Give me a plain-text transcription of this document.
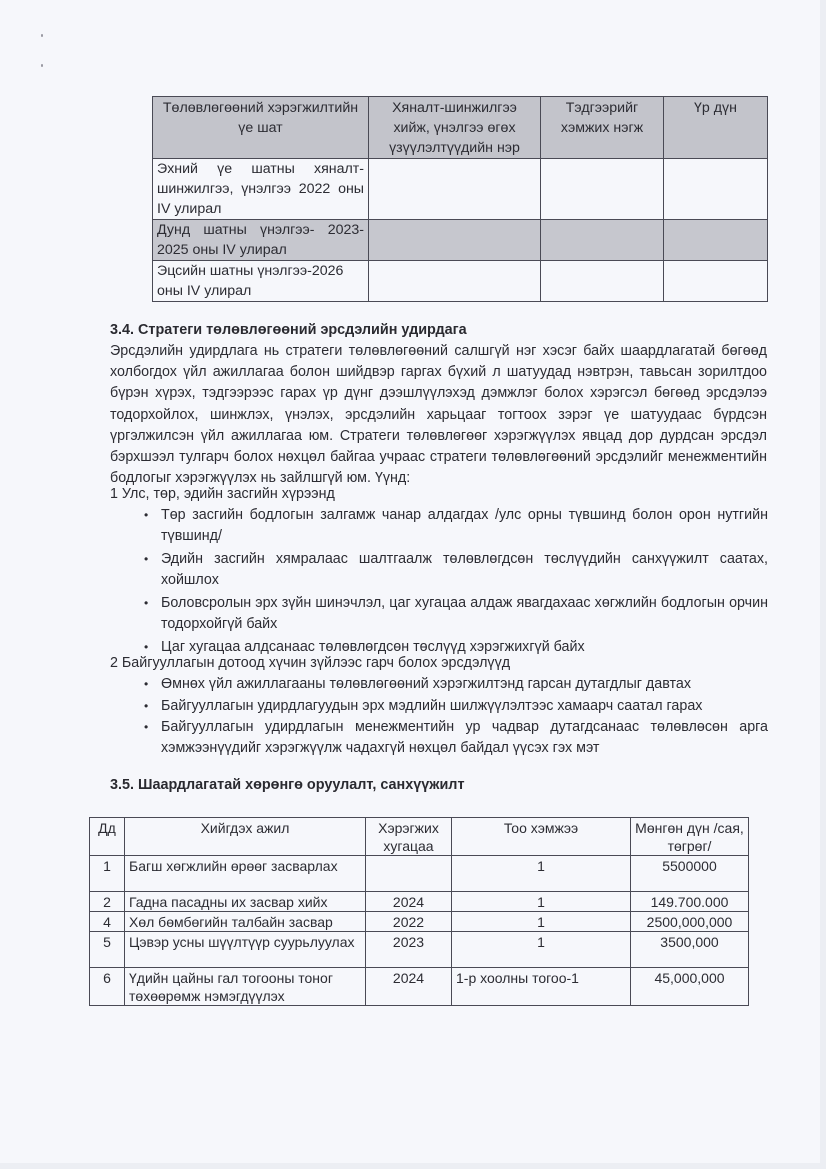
Төлөвлөгөөний хэрэгжилтийн үе шат	Хяналт-шинжилгээ хийж, үнэлгээ өгөх үзүүлэлтүүдийн нэр	Тэдгээрийг хэмжих нэгж	Үр дүн
Эхний үе шатны хяналт-шинжилгээ, үнэлгээ 2022 оны IV улирал			
Дунд шатны үнэлгээ- 2023-2025 оны IV улирал			
Эцсийн шатны үнэлгээ-2026 оны IV улирал			
3.4. Стратеги төлөвлөгөөний эрсдэлийн удирдага
Эрсдэлийн удирдлага нь стратеги төлөвлөгөөний салшгүй нэг хэсэг байх шаардлагатай бөгөөд холбогдох үйл ажиллагаа болон шийдвэр гаргах бүхий л шатуудад нэвтрэн, тавьсан зорилтдоо бүрэн хүрэх, тэдгээрээс гарах үр дүнг дээшлүүлэхэд дэмжлэг болох хэрэгсэл бөгөөд эрсдэлээ тодорхойлох, шинжлэх, үнэлэх, эрсдэлийн харьцааг тогтоох зэрэг үе шатуудаас бүрдсэн үргэлжилсэн үйл ажиллагаа юм. Стратеги төлөвлөгөөг хэрэгжүүлэх явцад дор дурдсан эрсдэл бэрхшээл тулгарч болох нөхцөл байгаа учраас стратеги төлөвлөгөөний эрсдэлийг менежментийн бодлогыг хэрэгжүүлэх нь зайлшгүй юм. Үүнд:
1 Улс, төр, эдийн засгийн хүрээнд
• Төр засгийн бодлогын залгамж чанар алдагдах /улс орны түвшинд болон орон нутгийн түвшинд/
• Эдийн засгийн хямралаас шалтгаалж төлөвлөгдсөн төслүүдийн санхүүжилт саатах, хойшлох
• Боловсролын эрх зүйн шинэчлэл, цаг хугацаа алдаж явагдахаас хөгжлийн бодлогын орчин тодорхойгүй байх
• Цаг хугацаа алдсанаас төлөвлөгдсөн төслүүд хэрэгжихгүй байх
2 Байгууллагын дотоод хүчин зүйлээс гарч болох эрсдэлүүд
• Өмнөх үйл ажиллагааны төлөвлөгөөний хэрэгжилтэнд гарсан дутагдлыг давтах
• Байгууллагын удирдлагуудын эрх мэдлийн шилжүүлэлтээс хамаарч саатал гарах
• Байгууллагын удирдлагын менежментийн ур чадвар дутагдсанаас төлөвлөсөн арга хэмжээнүүдийг хэрэгжүүлж чадахгүй нөхцөл байдал үүсэх гэх мэт
3.5. Шаардлагатай хөрөнгө оруулалт, санхүүжилт
Дд	Хийгдэх ажил	Хэрэгжих хугацаа	Тоо хэмжээ	Мөнгөн дүн /сая, төгрөг/
1	Багш хөгжлийн өрөөг засварлах		1	5500000
2	Гадна пасадны их засвар хийх	2024	1	149.700.000
4	Хөл бөмбөгийн талбайн засвар	2022	1	2500,000,000
5	Цэвэр усны шүүлтүүр суурьлуулах	2023	1	3500,000
6	Үдийн цайны гал тогооны тоног төхөөрөмж нэмэгдүүлэх	2024	1-р хоолны тогоо-1	45,000,000
